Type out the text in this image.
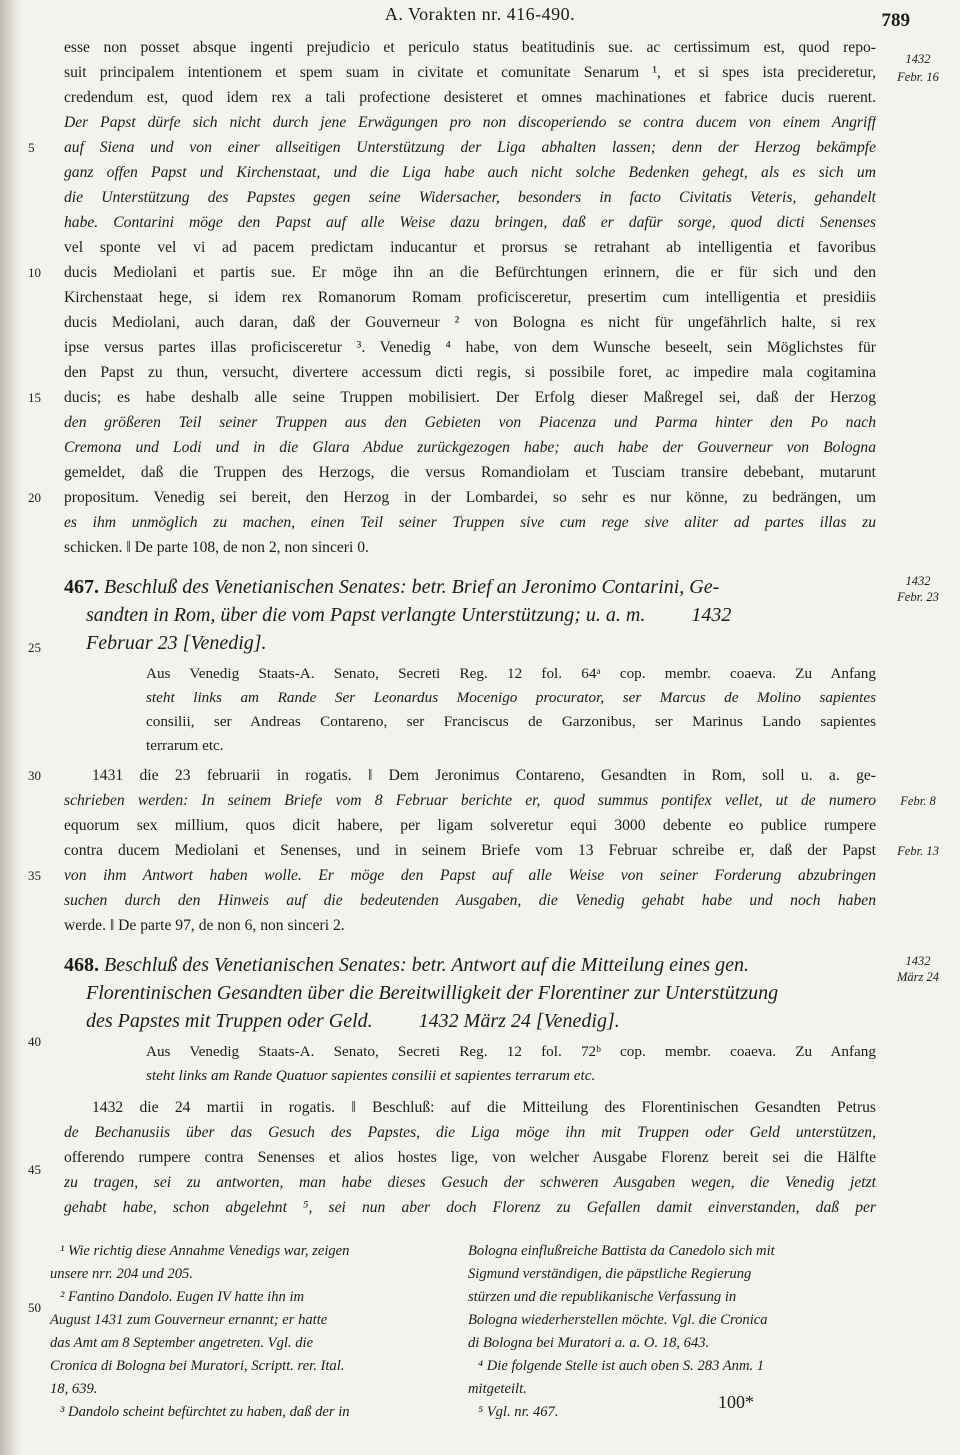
A. Vorakten nr. 416-490.	789
esse non posset absque ingenti prejudicio et periculo status beatitudinis sue. ac certissimum est, quod repo-
suit principalem intentionem et spem suam in civitate et comunitate Senarum ¹, et si spes ista precideretur,
credendum est, quod idem rex a tali profectione desisteret et omnes machinationes et fabrice ducis ruerent.
Der Papst dürfe sich nicht durch jene Erwägungen pro non discoperiendo se contra ducem von einem Angriff
auf Siena und von einer allseitigen Unterstützung der Liga abhalten lassen; denn der Herzog bekämpfe
ganz offen Papst und Kirchenstaat, und die Liga habe auch nicht solche Bedenken gehegt, als es sich um
die Unterstützung des Papstes gegen seine Widersacher, besonders in facto Civitatis Veteris, gehandelt
habe. Contarini möge den Papst auf alle Weise dazu bringen, daß er dafür sorge, quod dicti Senenses
vel sponte vel vi ad pacem predictam inducantur et prorsus se retrahant ab intelligentia et favoribus
ducis Mediolani et partis sue. Er möge ihn an die Befürchtungen erinnern, die er für sich und den
Kirchenstaat hege, si idem rex Romanorum Romam proficisceretur, presertim cum intelligentia et presidiis
ducis Mediolani, auch daran, daß der Gouverneur ² von Bologna es nicht für ungefährlich halte, si rex
ipse versus partes illas proficisceretur ³. Venedig ⁴ habe, von dem Wunsche beseelt, sein Möglichstes für
den Papst zu thun, versucht, divertere accessum dicti regis, si possibile foret, ac impedire mala cogitamina
ducis; es habe deshalb alle seine Truppen mobilisiert. Der Erfolg dieser Maßregel sei, daß der Herzog
den größeren Teil seiner Truppen aus den Gebieten von Piacenza und Parma hinter den Po nach
Cremona und Lodi und in die Glara Abdue zurückgezogen habe; auch habe der Gouverneur von Bologna
gemeldet, daß die Truppen des Herzogs, die versus Romandiolam et Tusciam transire debebant, mutarunt
propositum. Venedig sei bereit, den Herzog in der Lombardei, so sehr es nur könne, zu bedrängen, um
es ihm unmöglich zu machen, einen Teil seiner Truppen sive cum rege sive aliter ad partes illas zu
schicken. ‖ De parte 108, de non 2, non sinceri 0.
467. Beschluß des Venetianischen Senates: betr. Brief an Jeronimo Contarini, Ge-
sandten in Rom, über die vom Papst verlangte Unterstützung; u. a. m. 1432
Februar 23 [Venedig].
Aus Venedig Staats-A. Senato, Secreti Reg. 12 fol. 64ᵃ cop. membr. coaeva. Zu Anfang
steht links am Rande Ser Leonardus Mocenigo procurator, ser Marcus de Molino sapientes
consilii, ser Andreas Contareno, ser Franciscus de Garzonibus, ser Marinus Lando sapientes
terrarum etc.
1431 die 23 februarii in rogatis. ‖ Dem Jeronimus Contareno, Gesandten in Rom, soll u. a. ge-
schrieben werden: In seinem Briefe vom 8 Februar berichte er, quod summus pontifex vellet, ut de numero
equorum sex millium, quos dicit habere, per ligam solveretur equi 3000 debente eo publice rumpere
contra ducem Mediolani et Senenses, und in seinem Briefe vom 13 Februar schreibe er, daß der Papst
von ihm Antwort haben wolle. Er möge den Papst auf alle Weise von seiner Forderung abzubringen
suchen durch den Hinweis auf die bedeutenden Ausgaben, die Venedig gehabt habe und noch haben
werde. ‖ De parte 97, de non 6, non sinceri 2.
468. Beschluß des Venetianischen Senates: betr. Antwort auf die Mitteilung eines gen.
Florentinischen Gesandten über die Bereitwilligkeit der Florentiner zur Unterstützung
des Papstes mit Truppen oder Geld. 1432 März 24 [Venedig].
Aus Venedig Staats-A. Senato, Secreti Reg. 12 fol. 72ᵇ cop. membr. coaeva. Zu Anfang
steht links am Rande Quatuor sapientes consilii et sapientes terrarum etc.
1432 die 24 martii in rogatis. ‖ Beschluß: auf die Mitteilung des Florentinischen Gesandten Petrus
de Bechanusiis über das Gesuch des Papstes, die Liga möge ihn mit Truppen oder Geld unterstützen,
offerendo rumpere contra Senenses et alios hostes lige, von welcher Ausgabe Florenz bereit sei die Hälfte
zu tragen, sei zu antworten, man habe dieses Gesuch der schweren Ausgaben wegen, die Venedig jetzt
gehabt habe, schon abgelehnt ⁵, sei nun aber doch Florenz zu Gefallen damit einverstanden, daß per
5
10
15
20
25
30
35
40
45
50
1432
Febr. 16
1432
Febr. 23
Febr. 8
Febr. 13
1432
März 24
¹ Wie richtig diese Annahme Venedigs war, zeigen
unsere nrr. 204 und 205.
² Fantino Dandolo. Eugen IV hatte ihn im
August 1431 zum Gouverneur ernannt; er hatte
das Amt am 8 September angetreten. Vgl. die
Cronica di Bologna bei Muratori, Scriptt. rer. Ital.
18, 639.
³ Dandolo scheint befürchtet zu haben, daß der in
Bologna einflußreiche Battista da Canedolo sich mit
Sigmund verständigen, die päpstliche Regierung
stürzen und die republikanische Verfassung in
Bologna wiederherstellen möchte. Vgl. die Cronica
di Bologna bei Muratori a. a. O. 18, 643.
⁴ Die folgende Stelle ist auch oben S. 283 Anm. 1
mitgeteilt.
⁵ Vgl. nr. 467.	100*
